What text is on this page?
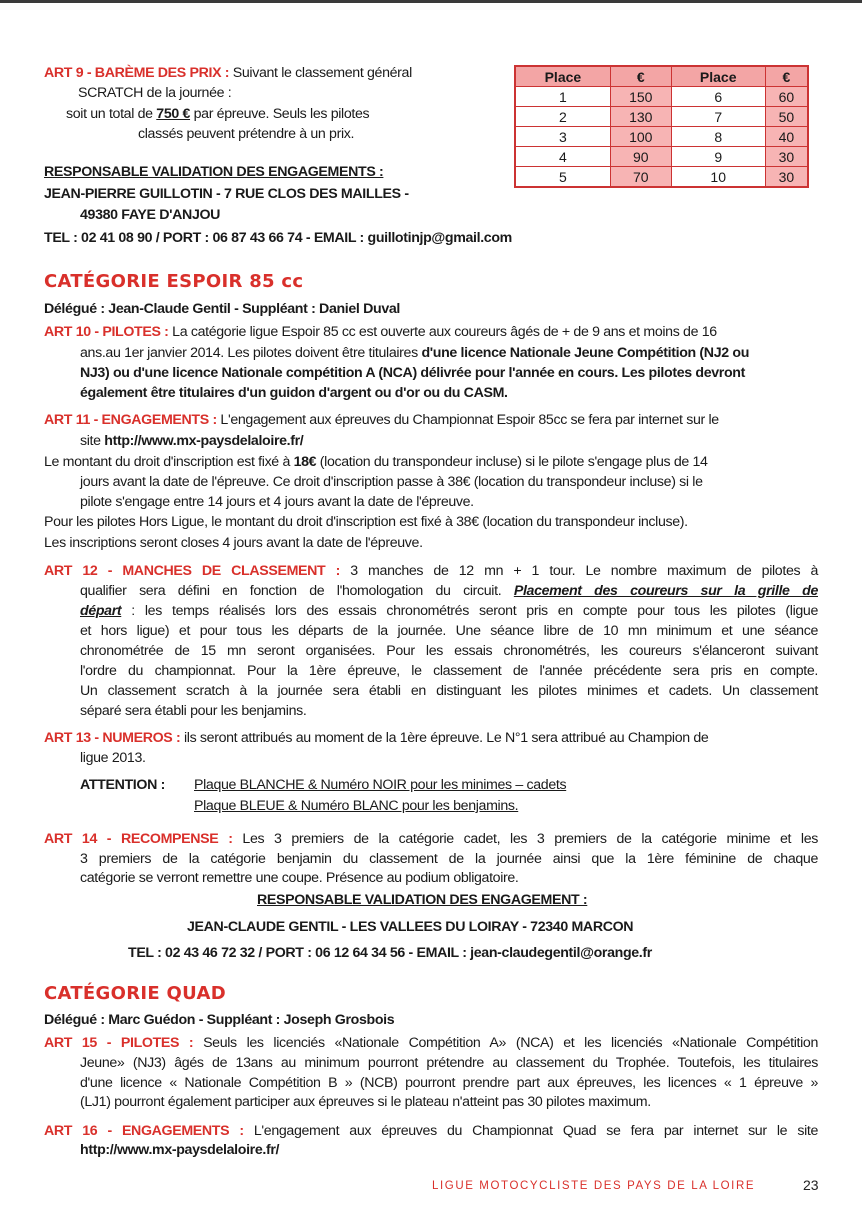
ART 9 - BARÈME DES PRIX : Suivant le classement général
SCRATCH de la journée :
soit un total de 750 € par épreuve. Seuls les pilotes
classés peuvent prétendre à un prix.
Place	€	Place	€
1	150	6	60
2	130	7	50
3	100	8	40
4	90	9	30
5	70	10	30
RESPONSABLE VALIDATION DES ENGAGEMENTS :
JEAN-PIERRE GUILLOTIN - 7 RUE CLOS DES MAILLES -
49380 FAYE D'ANJOU
TEL : 02 41 08 90 / PORT : 06 87 43 66 74 - EMAIL : guillotinjp@gmail.com
CATÉGORIE ESPOIR 85 cc
Délégué : Jean-Claude Gentil - Suppléant : Daniel Duval
ART 10 - PILOTES : La catégorie ligue Espoir 85 cc est ouverte aux coureurs âgés de + de 9 ans et moins de 16
ans.au 1er janvier 2014. Les pilotes doivent être titulaires d'une licence Nationale Jeune Compétition (NJ2 ou
NJ3) ou d'une licence Nationale compétition A (NCA) délivrée pour l'année en cours. Les pilotes devront
également être titulaires d'un guidon d'argent ou d'or ou du CASM.
ART 11 - ENGAGEMENTS : L'engagement aux épreuves du Championnat Espoir 85cc se fera par internet sur le
site http://www.mx-paysdelaloire.fr/
Le montant du droit d'inscription est fixé à 18€ (location du transpondeur incluse) si le pilote s'engage plus de 14
jours avant la date de l'épreuve. Ce droit d'inscription passe à 38€ (location du transpondeur incluse) si le
pilote s'engage entre 14 jours et 4 jours avant la date de l'épreuve.
Pour les pilotes Hors Ligue, le montant du droit d'inscription est fixé à 38€ (location du transpondeur incluse).
Les inscriptions seront closes 4 jours avant la date de l'épreuve.
ART 12 - MANCHES DE CLASSEMENT : 3 manches de 12 mn + 1 tour. Le nombre maximum de pilotes à
qualifier sera défini en fonction de l'homologation du circuit. Placement des coureurs sur la grille de
départ : les temps réalisés lors des essais chronométrés seront pris en compte pour tous les pilotes (ligue
et hors ligue) et pour tous les départs de la journée. Une séance libre de 10 mn minimum et une séance
chronométrée de 15 mn seront organisées. Pour les essais chronométrés, les coureurs s'élanceront suivant
l'ordre du championnat. Pour la 1ère épreuve, le classement de l'année précédente sera pris en compte.
Un classement scratch à la journée sera établi en distinguant les pilotes minimes et cadets. Un classement
séparé sera établi pour les benjamins.
ART 13 - NUMEROS : ils seront attribués au moment de la 1ère épreuve. Le N°1 sera attribué au Champion de
ligue 2013.
ATTENTION : Plaque BLANCHE & Numéro NOIR pour les minimes – cadets
Plaque BLEUE & Numéro BLANC pour les benjamins.
ART 14 - RECOMPENSE : Les 3 premiers de la catégorie cadet, les 3 premiers de la catégorie minime et les
3 premiers de la catégorie benjamin du classement de la journée ainsi que la 1ère féminine de chaque
catégorie se verront remettre une coupe. Présence au podium obligatoire.
RESPONSABLE VALIDATION DES ENGAGEMENT :
JEAN-CLAUDE GENTIL - LES VALLEES DU LOIRAY - 72340 MARCON
TEL : 02 43 46 72 32 / PORT : 06 12 64 34 56 - EMAIL : jean-claudegentil@orange.fr
CATÉGORIE QUAD
Délégué : Marc Guédon - Suppléant : Joseph Grosbois
ART 15 - PILOTES : Seuls les licenciés «Nationale Compétition A» (NCA) et les licenciés «Nationale Compétition
Jeune» (NJ3) âgés de 13ans au minimum pourront prétendre au classement du Trophée. Toutefois, les titulaires
d'une licence « Nationale Compétition B » (NCB) pourront prendre part aux épreuves, les licences « 1 épreuve »
(LJ1) pourront également participer aux épreuves si le plateau n'atteint pas 30 pilotes maximum.
ART 16 - ENGAGEMENTS : L'engagement aux épreuves du Championnat Quad se fera par internet sur le site
http://www.mx-paysdelaloire.fr/
LIGUE MOTOCYCLISTE DES PAYS DE LA LOIRE	23
